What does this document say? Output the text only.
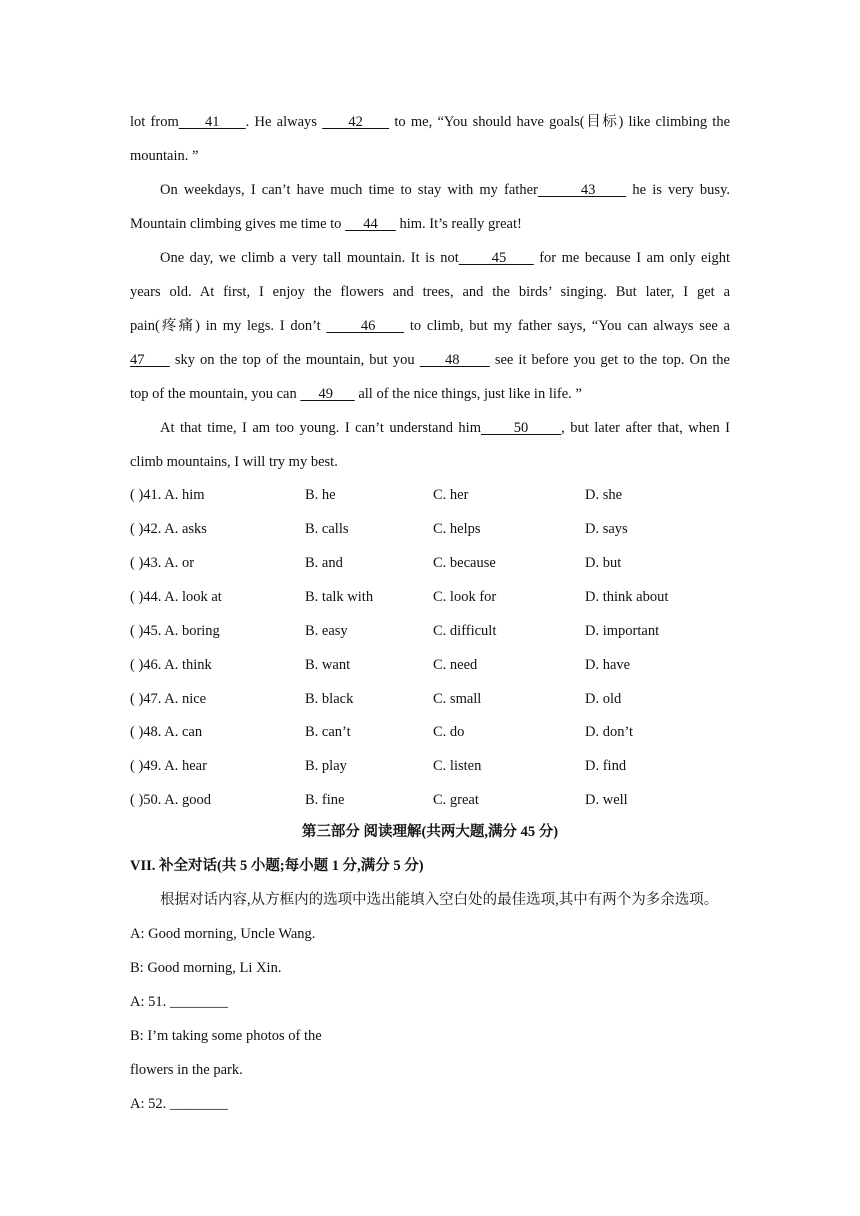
lot from     41     . He always      42      to me, “You should have goals(目标) like climbing the
mountain. ”
On weekdays, I can’t have much time to stay with my father       43      he is very busy.
Mountain climbing gives me time to      44      him. It’s really great!
One day, we climb a very tall mountain. It is not      45      for me because I am only eight
years old. At first, I enjoy the flowers and trees, and the birds’ singing. But later, I get a
pain(疼痛) in my legs. I don’t       46      to climb, but my father says, “You can always see a
47      sky on the top of the mountain, but you      48       see it before you get to the top. On the
top of the mountain, you can      49       all of the nice things, just like in life. ”
At that time, I am too young. I can’t understand him      50      , but later after that, when I
climb mountains, I will try my best.
( )41. A. him	B. he	C. her	D. she
( )42. A. asks	B. calls	C. helps	D. says
( )43. A. or	B. and	C. because	D. but
( )44. A. look at	B. talk with	C. look for	D. think about
( )45. A. boring	B. easy	C. difficult	D. important
( )46. A. think	B. want	C. need	D. have
( )47. A. nice	B. black	C. small	D. old
( )48. A. can	B. can’t	C. do	D. don’t
( )49. A. hear	B. play	C. listen	D. find
( )50. A. good	B. fine	C. great	D. well
第三部分 阅读理解(共两大题,满分 45 分)
VII. 补全对话(共 5 小题;每小题 1 分,满分 5 分)
根据对话内容,从方框内的选项中选出能填入空白处的最佳选项,其中有两个为多余选项。
A: Good morning, Uncle Wang.
B: Good morning, Li Xin.
A: 51. ________
B: I’m taking some photos of the
flowers in the park.
A: 52. ________
